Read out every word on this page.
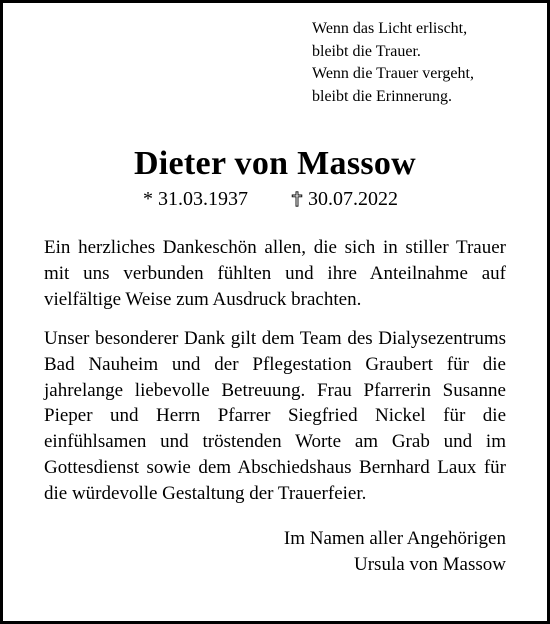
Wenn das Licht erlischt,
bleibt die Trauer.
Wenn die Trauer vergeht,
bleibt die Erinnerung.
Dieter von Massow
* 31.03.1937	30.07.2022
Ein herzliches Dankeschön allen, die sich in stiller Trauer mit uns verbunden fühlten und ihre Anteilnahme auf vielfältige Weise zum Ausdruck brachten.
Unser besonderer Dank gilt dem Team des Dialysezentrums Bad Nauheim und der Pflegestation Graubert für die jahrelange liebevolle Betreuung. Frau Pfarrerin Susanne Pieper und Herrn Pfarrer Siegfried Nickel für die einfühlsamen und tröstenden Worte am Grab und im Gottesdienst sowie dem Abschiedshaus Bernhard Laux für die würdevolle Gestaltung der Trauerfeier.
Im Namen aller Angehörigen
Ursula von Massow
